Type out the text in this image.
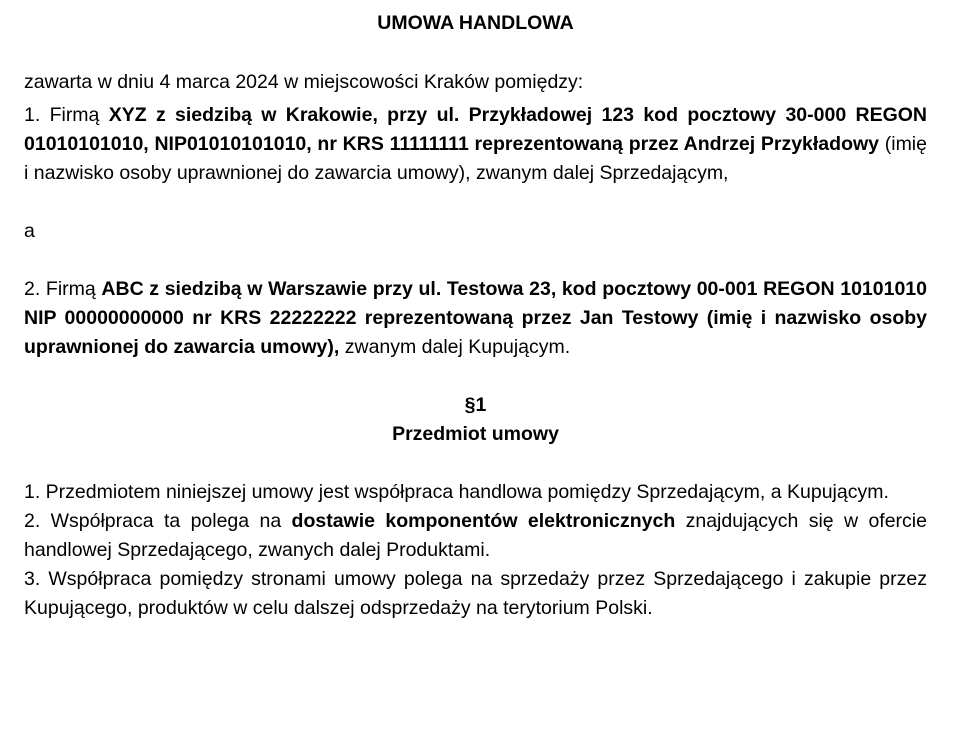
UMOWA HANDLOWA

zawarta w dniu 4 marca 2024 w miejscowości Kraków pomiędzy:

1. Firmą XYZ z siedzibą w Krakowie, przy ul. Przykładowej 123 kod pocztowy 30-000 REGON 01010101010, NIP01010101010, nr KRS 11111111 reprezentowaną przez Andrzej Przykładowy (imię i nazwisko osoby uprawnionej do zawarcia umowy), zwanym dalej Sprzedającym,

a

2. Firmą ABC z siedzibą w Warszawie przy ul. Testowa 23, kod pocztowy 00-001 REGON 10101010 NIP 00000000000 nr KRS 22222222 reprezentowaną przez Jan Testowy (imię i nazwisko osoby uprawnionej do zawarcia umowy), zwanym dalej Kupującym.

§1

Przedmiot umowy

1. Przedmiotem niniejszej umowy jest współpraca handlowa pomiędzy Sprzedającym, a Kupującym.

2. Współpraca ta polega na dostawie komponentów elektronicznych znajdujących się w ofercie handlowej Sprzedającego, zwanych dalej Produktami.

3. Współpraca pomiędzy stronami umowy polega na sprzedaży przez Sprzedającego i zakupie przez Kupującego, produktów w celu dalszej odsprzedaży na terytorium Polski.
